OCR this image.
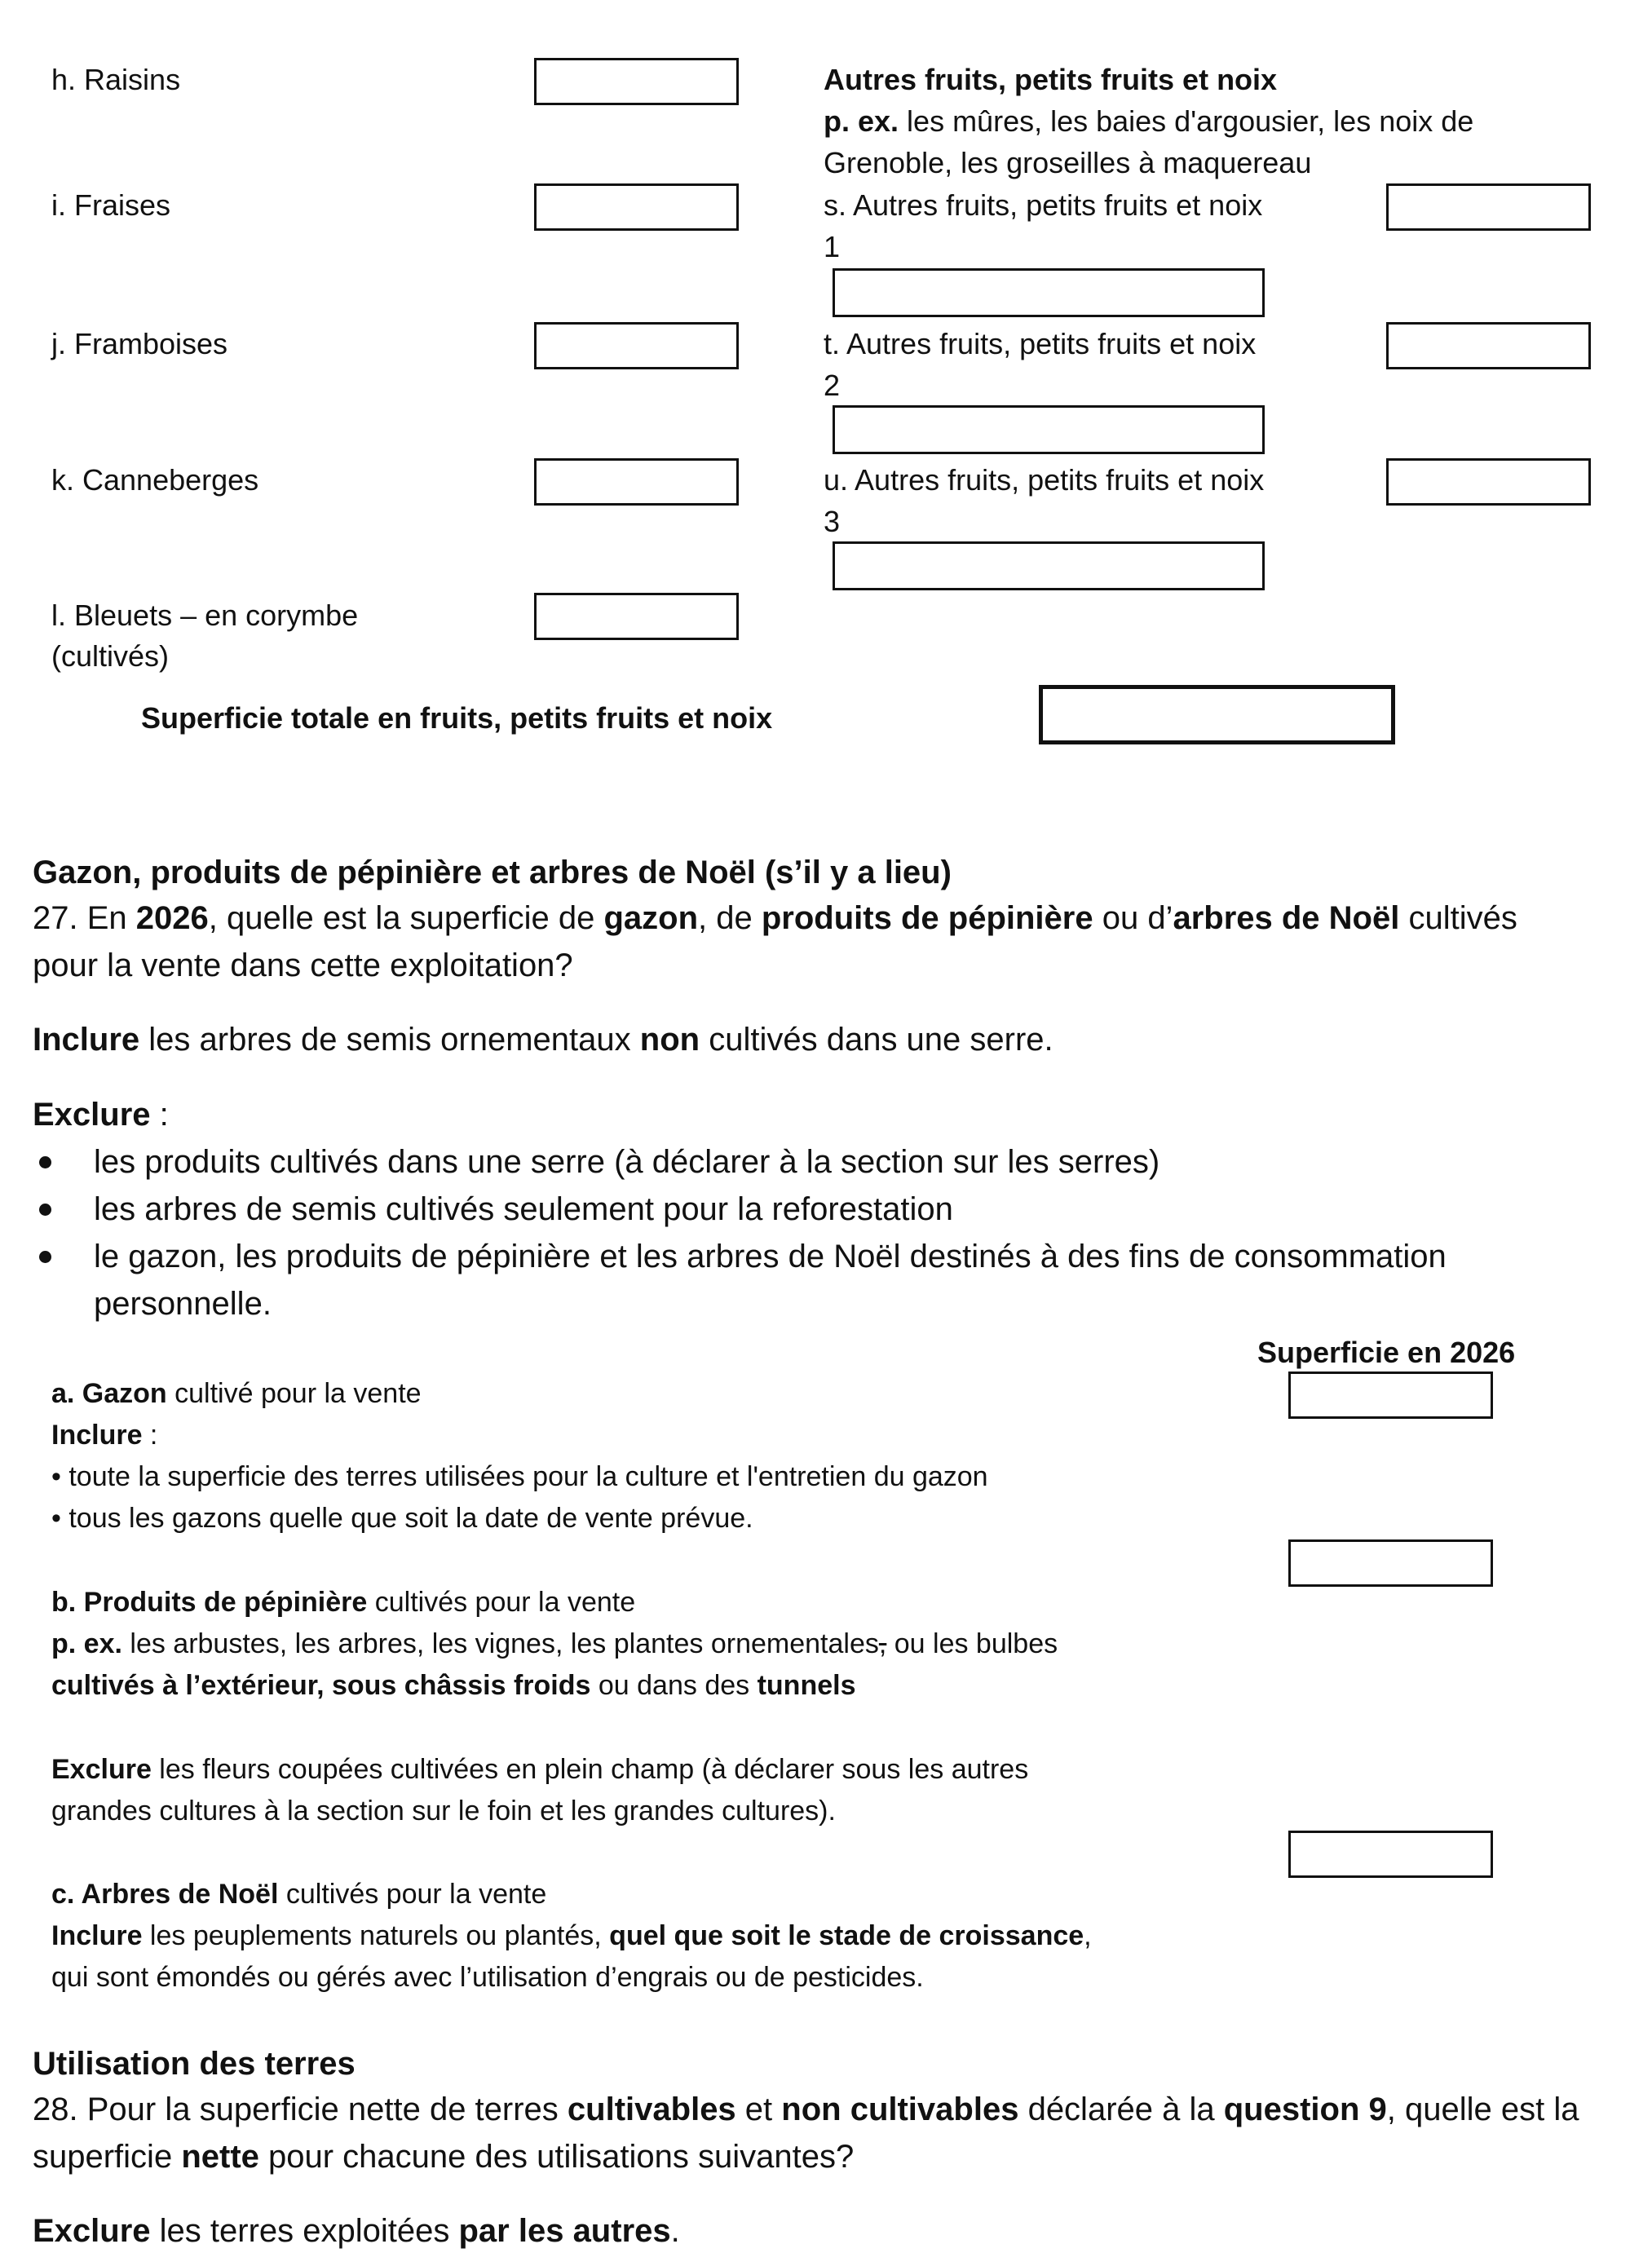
h. Raisins
i. Fraises
j. Framboises
k. Canneberges
l. Bleuets – en corymbe
(cultivés)
Autres fruits, petits fruits et noix
p. ex. les mûres, les baies d'argousier, les noix de
Grenoble, les groseilles à maquereau
s. Autres fruits, petits fruits et noix
1
t. Autres fruits, petits fruits et noix
2
u. Autres fruits, petits fruits et noix
3
Superficie totale en fruits, petits fruits et noix
Gazon, produits de pépinière et arbres de Noël (s’il y a lieu)
27. En 2026, quelle est la superficie de gazon, de produits de pépinière ou d’arbres de Noël cultivés
pour la vente dans cette exploitation?
Inclure les arbres de semis ornementaux non cultivés dans une serre.
Exclure :
les produits cultivés dans une serre (à déclarer à la section sur les serres)
les arbres de semis cultivés seulement pour la reforestation
le gazon, les produits de pépinière et les arbres de Noël destinés à des fins de consommation
personnelle.
Superficie en 2026
a. Gazon cultivé pour la vente
Inclure :
• toute la superficie des terres utilisées pour la culture et l'entretien du gazon
• tous les gazons quelle que soit la date de vente prévue.
b. Produits de pépinière cultivés pour la vente
p. ex. les arbustes, les arbres, les vignes, les plantes ornementales, ou les bulbes
cultivés à l’extérieur, sous châssis froids ou dans des tunnels
Exclure les fleurs coupées cultivées en plein champ (à déclarer sous les autres
grandes cultures à la section sur le foin et les grandes cultures).
c. Arbres de Noël cultivés pour la vente
Inclure les peuplements naturels ou plantés, quel que soit le stade de croissance,
qui sont émondés ou gérés avec l’utilisation d’engrais ou de pesticides.
Utilisation des terres
28. Pour la superficie nette de terres cultivables et non cultivables déclarée à la question 9, quelle est la
superficie nette pour chacune des utilisations suivantes?
Exclure les terres exploitées par les autres.
